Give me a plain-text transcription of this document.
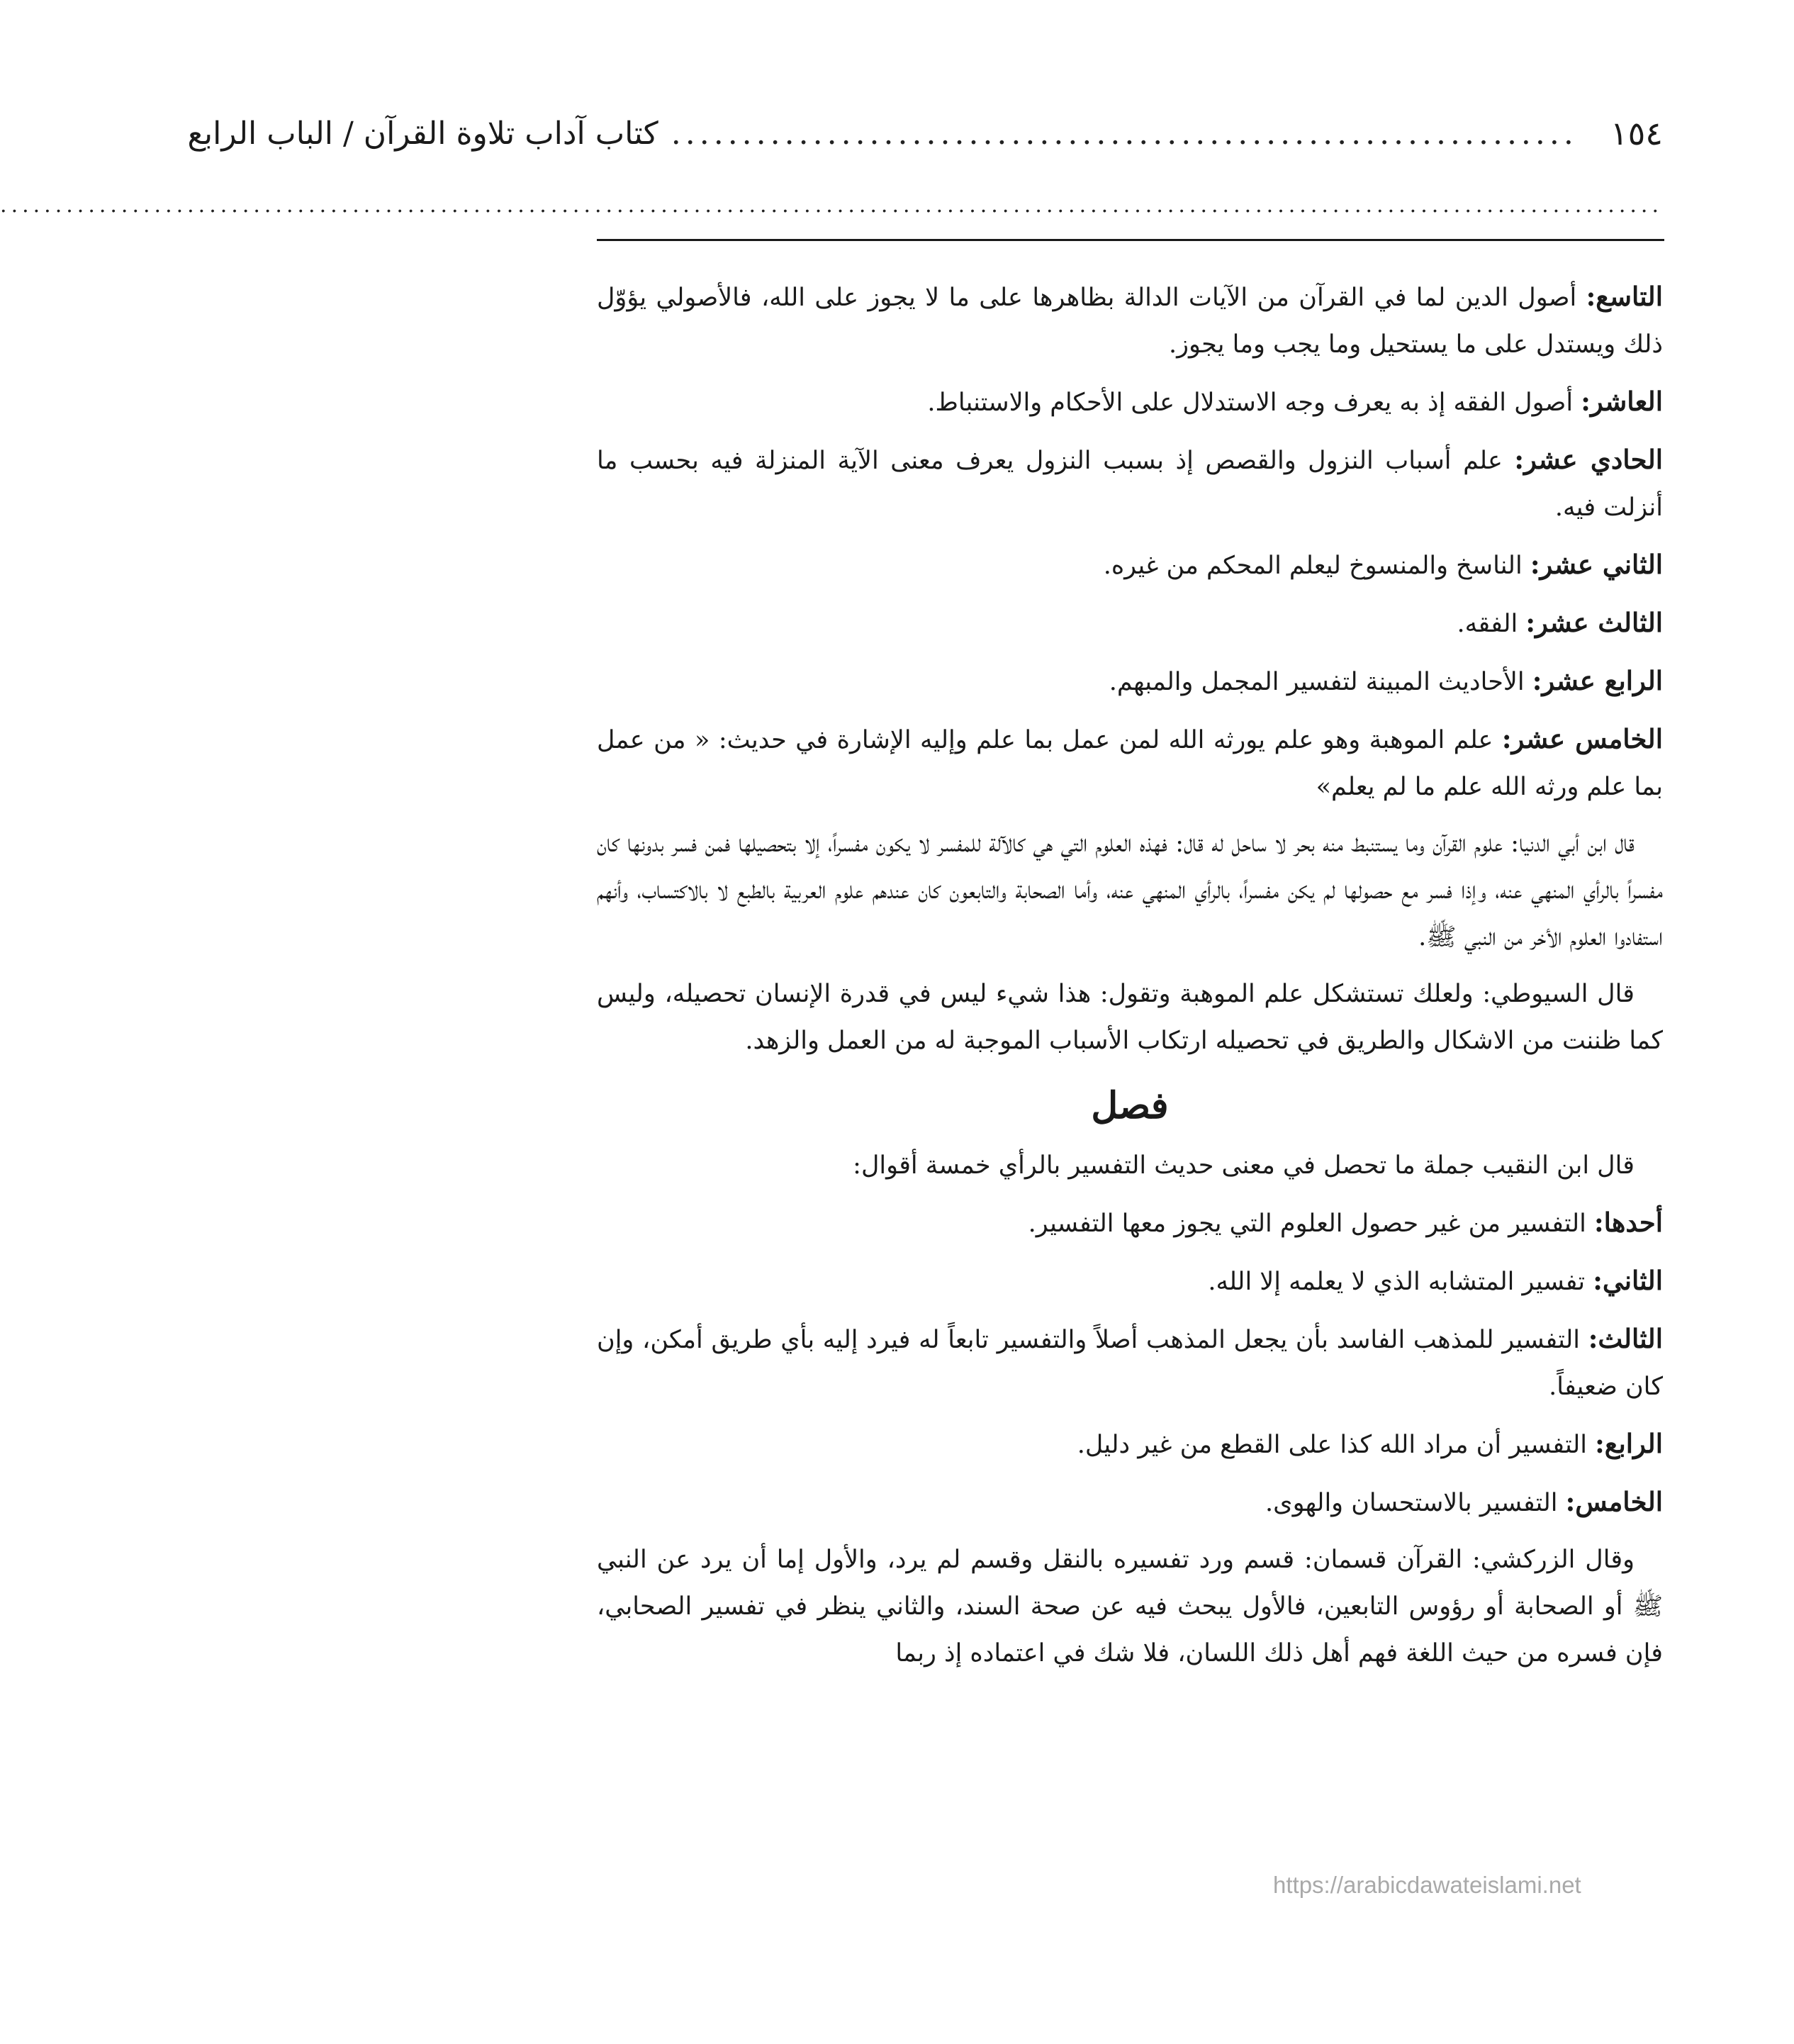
١٥٤
................................................................
كتاب آداب تلاوة القرآن / الباب الرابع
.......................................................................................................................................................

التاسع: أصول الدين لما في القرآن من الآيات الدالة بظاهرها على ما لا يجوز على الله، فالأصولي يؤوّل ذلك ويستدل على ما يستحيل وما يجب وما يجوز.

العاشر: أصول الفقه إذ به يعرف وجه الاستدلال على الأحكام والاستنباط.

الحادي عشر: علم أسباب النزول والقصص إذ بسبب النزول يعرف معنى الآية المنزلة فيه بحسب ما أنزلت فيه.

الثاني عشر: الناسخ والمنسوخ ليعلم المحكم من غيره.

الثالث عشر: الفقه.

الرابع عشر: الأحاديث المبينة لتفسير المجمل والمبهم.

الخامس عشر: علم الموهبة وهو علم يورثه الله لمن عمل بما علم وإليه الإشارة في حديث: « من عمل بما علم ورثه الله علم ما لم يعلم»

قال ابن أبي الدنيا: علوم القرآن وما يستنبط منه بحر لا ساحل له قال: فهذه العلوم التي هي كالآلة للمفسر لا يكون مفسراً، إلا بتحصيلها فمن فسر بدونها كان مفسراً بالرأي المنهي عنه، وإذا فسر مع حصولها لم يكن مفسراً، بالرأي المنهي عنه، وأما الصحابة والتابعون كان عندهم علوم العربية بالطبع لا بالاكتساب، وأنهم استفادوا العلوم الأخر من النبي ﷺ.

قال السيوطي: ولعلك تستشكل علم الموهبة وتقول: هذا شيء ليس في قدرة الإنسان تحصيله، وليس كما ظننت من الاشكال والطريق في تحصيله ارتكاب الأسباب الموجبة له من العمل والزهد.

فصل

قال ابن النقيب جملة ما تحصل في معنى حديث التفسير بالرأي خمسة أقوال:

أحدها: التفسير من غير حصول العلوم التي يجوز معها التفسير.

الثاني: تفسير المتشابه الذي لا يعلمه إلا الله.

الثالث: التفسير للمذهب الفاسد بأن يجعل المذهب أصلاً والتفسير تابعاً له فيرد إليه بأي طريق أمكن، وإن كان ضعيفاً.

الرابع: التفسير أن مراد الله كذا على القطع من غير دليل.

الخامس: التفسير بالاستحسان والهوى.

وقال الزركشي: القرآن قسمان: قسم ورد تفسيره بالنقل وقسم لم يرد، والأول إما أن يرد عن النبي ﷺ أو الصحابة أو رؤوس التابعين، فالأول يبحث فيه عن صحة السند، والثاني ينظر في تفسير الصحابي، فإن فسره من حيث اللغة فهم أهل ذلك اللسان، فلا شك في اعتماده إذ ربما

https://arabicdawateislami.net
